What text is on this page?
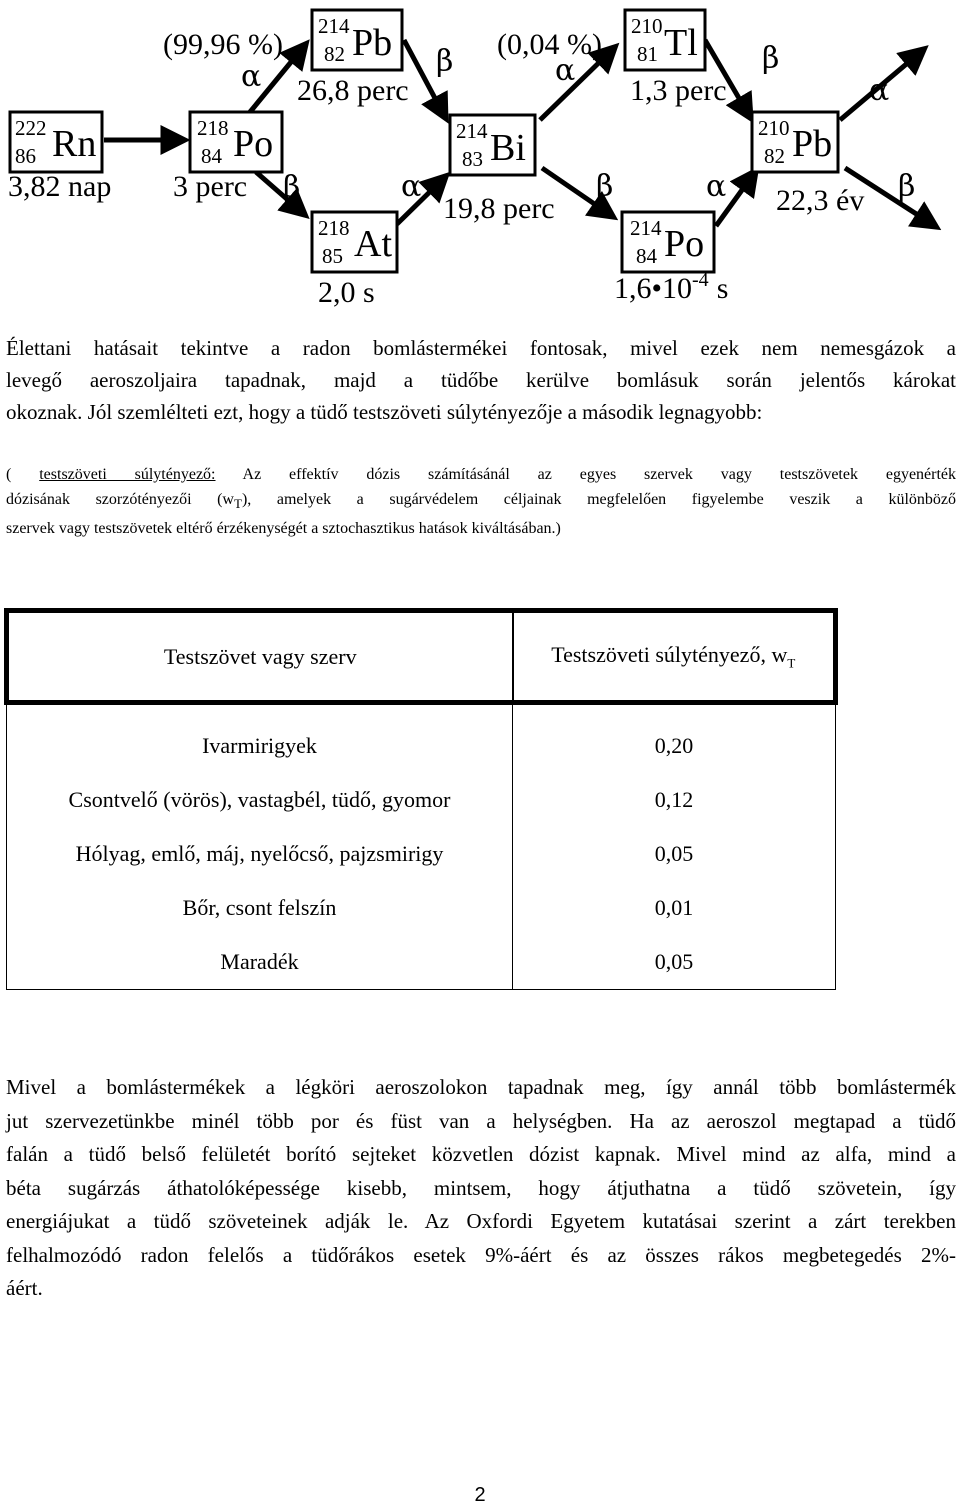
222
86 Rn
3,82 nap
218
84 Po
3 perc
214
82 Pb
26,8 perc
218
85 At
2,0 s
214
83 Bi
19,8 perc
210
81 Tl
1,3 perc
214
84 Po
$1,6•10^{-4}$ s
210
82 Pb
22,3 év
(99,96 %)	(0,04 %)
α
β
β
α
α
β
β
α
α
β
Élettani hatásait tekintve a radon bomlástermékei fontosak, mivel ezek nem nemesgázok a
levegő aeroszoljaira tapadnak, majd a tüdőbe kerülve bomlásuk során jelentős károkat
okoznak. Jól szemlélteti ezt, hogy a tüdő testszöveti súlytényezője a második legnagyobb:
( testszöveti súlytényező: Az effektív dózis számításánál az egyes szervek vagy testszövetek egyenérték
dózisának szorzótényezői $(w_T)$, amelyek a sugárvédelem céljainak megfelelően figyelembe veszik a különböző
szervek vagy testszövetek eltérő érzékenységét a sztochasztikus hatások kiváltásában.)
Testszövet vagy szerv	Testszöveti súlytényező, $w_T$
Ivarmirigyek	0,20
Csontvelő (vörös), vastagbél, tüdő, gyomor	0,12
Hólyag, emlő, máj, nyelőcső, pajzsmirigy	0,05
Bőr, csont felszín	0,01
Maradék	0,05
Mivel a bomlástermékek a légköri aeroszolokon tapadnak meg, így annál több bomlástermék
jut szervezetünkbe minél több por és füst van a helységben. Ha az aeroszol megtapad a tüdő
falán a tüdő belső felületét borító sejteket közvetlen dózist kapnak. Mivel mind az alfa, mind a
béta sugárzás áthatolóképessége kisebb, mintsem, hogy átjuthatna a tüdő szövetein, így
energiájukat a tüdő szöveteinek adják le. Az Oxfordi Egyetem kutatásai szerint a zárt terekben
felhalmozódó radon felelős a tüdőrákos esetek 9%-áért és az összes rákos megbetegedés 2%-
áért.
2
